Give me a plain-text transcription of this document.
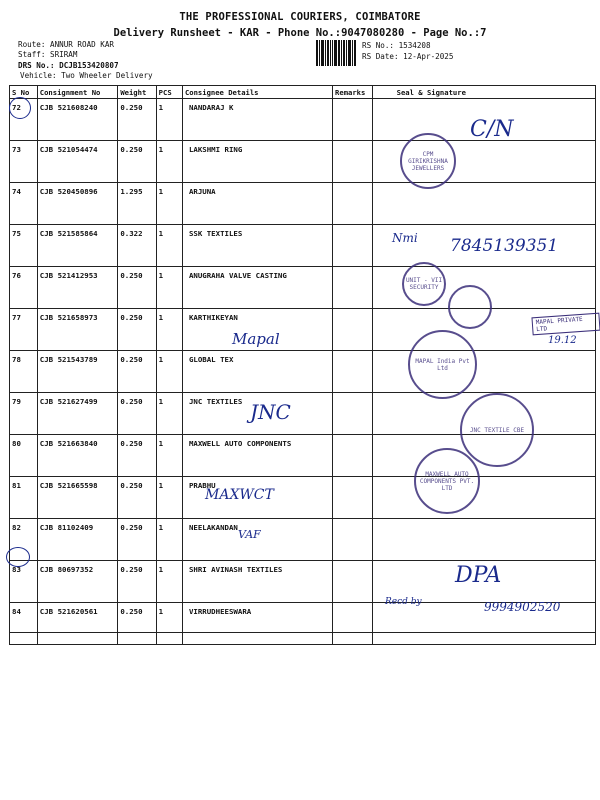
THE PROFESSIONAL COURIERS, COIMBATORE
Delivery Runsheet - KAR - Phone No.:9047080280 - Page No.:7
Route: ANNUR ROAD KAR
Staff: SRIRAM
DRS No.: DCJB153420807
Vehicle: Two Wheeler Delivery
RS No.: 1534208
RS Date: 12-Apr-2025
S No	Consignment No	Weight	PCS	Consignee Details	Remarks	Seal & Signature
72	CJB 521608240	0.250	1	NANDARAJ K		
73	CJB 521054474	0.250	1	LAKSHMI RING		
74	CJB 520450896	1.295	1	ARJUNA		
75	CJB 521585864	0.322	1	SSK TEXTILES		
76	CJB 521412953	0.250	1	ANUGRAHA VALVE CASTING		
77	CJB 521658973	0.250	1	KARTHIKEYAN		
78	CJB 521543789	0.250	1	GLOBAL TEX		
79	CJB 521627499	0.250	1	JNC TEXTILES		
80	CJB 521663840	0.250	1	MAXWELL AUTO COMPONENTS		
81	CJB 521665598	0.250	1	PRABHU		
82	CJB 81102409	0.250	1	NEELAKANDAN		
83	CJB 80697352	0.250	1	SHRI AVINASH TEXTILES		
84	CJB 521620561	0.250	1	VIRRUDHEESWARA		
CPM GIRIKRISHNA JEWELLERS
UNIT - VII SECURITY
MAPAL PRIVATE LTD
MAPAL India Pvt Ltd
JNC TEXTILE CBE
MAXWELL AUTO COMPONENTS PVT. LTD
C/N
Nmi 7845139351
Mapal	19.12
JNC
MAXWCT
VAF
DPA
Recd by	9994902520
